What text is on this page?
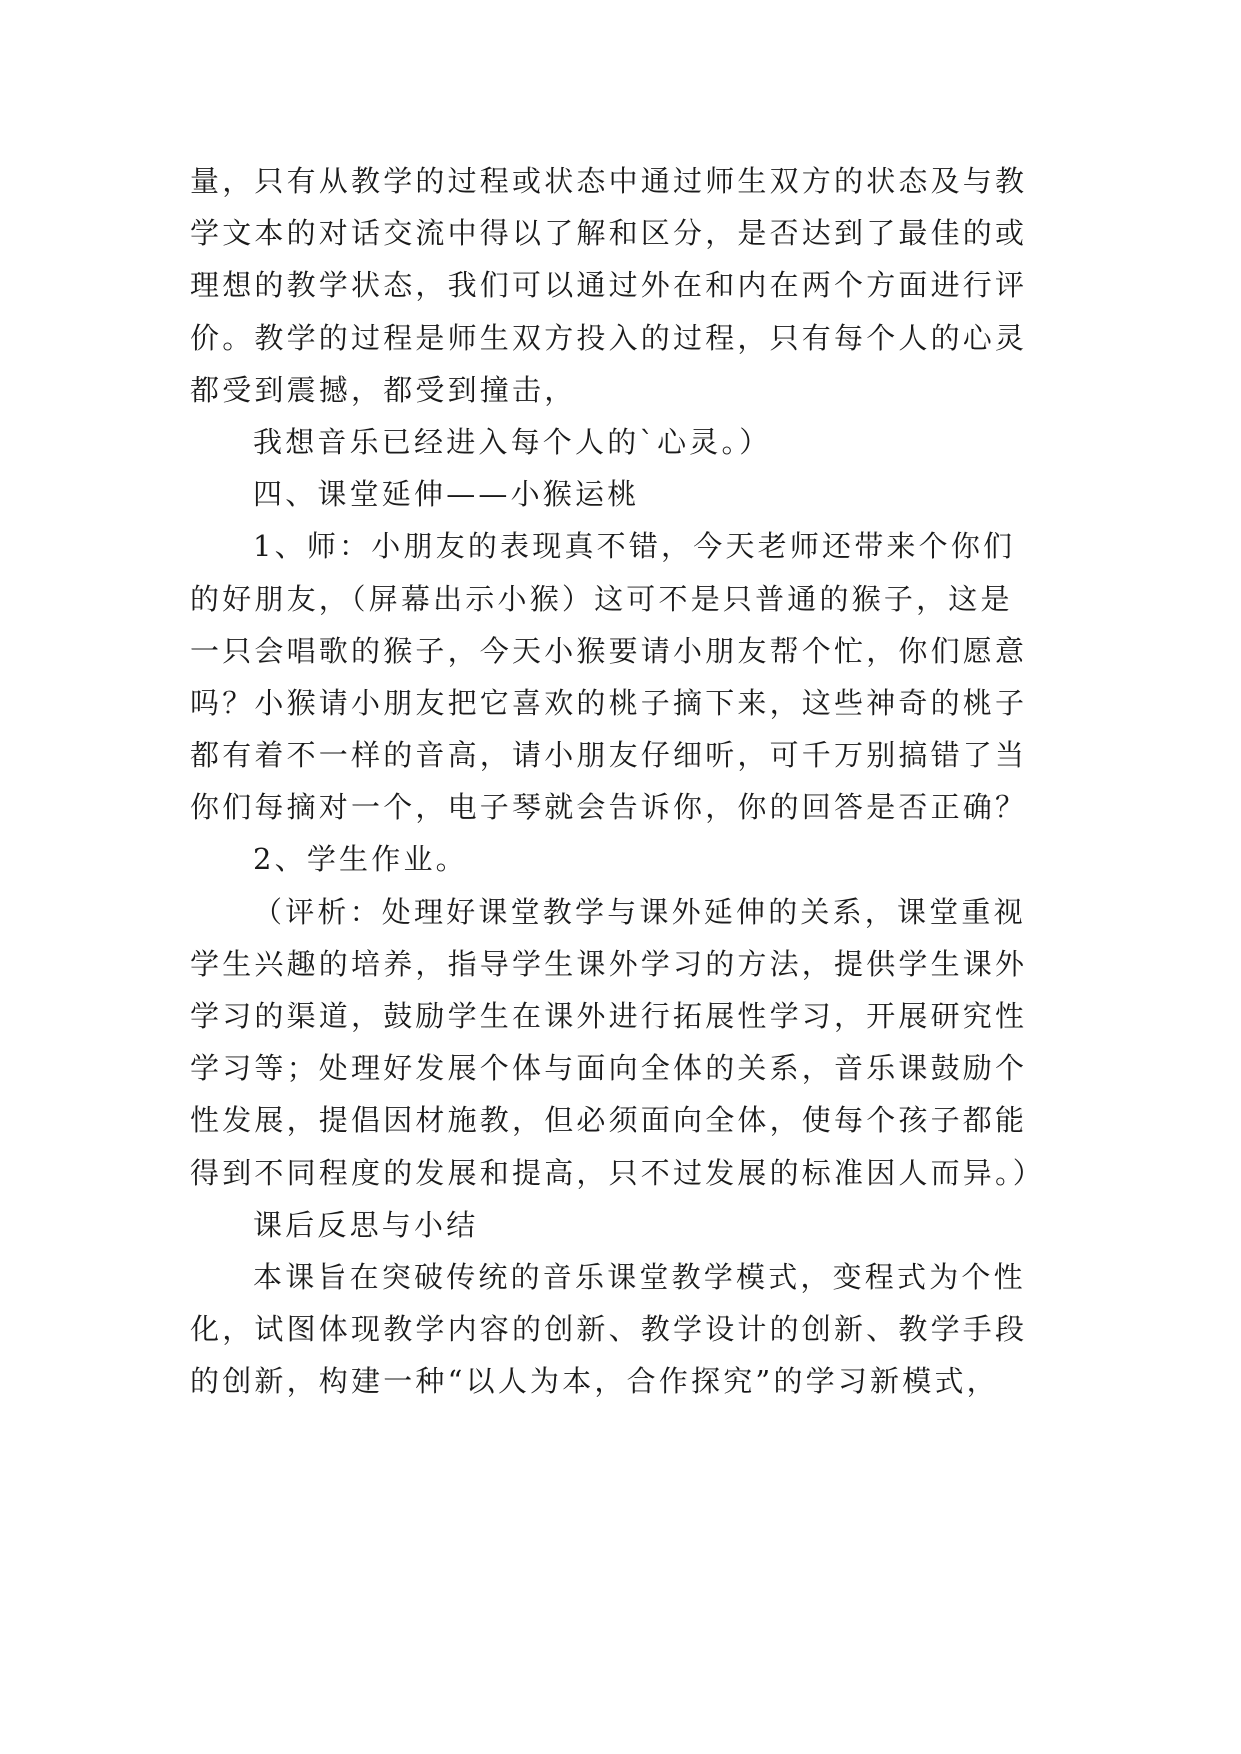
量，只有从教学的过程或状态中通过师生双方的状态及与教
学文本的对话交流中得以了解和区分，是否达到了最佳的或
理想的教学状态，我们可以通过外在和内在两个方面进行评
价。教学的过程是师生双方投入的过程，只有每个人的心灵
都受到震撼，都受到撞击，
我想音乐已经进入每个人的`心灵。）
四、课堂延伸——小猴运桃
1、师：小朋友的表现真不错，今天老师还带来个你们
的好朋友，（屏幕出示小猴）这可不是只普通的猴子，这是
一只会唱歌的猴子，今天小猴要请小朋友帮个忙，你们愿意
吗？小猴请小朋友把它喜欢的桃子摘下来，这些神奇的桃子
都有着不一样的音高，请小朋友仔细听，可千万别搞错了当
你们每摘对一个，电子琴就会告诉你，你的回答是否正确？
2、学生作业。
（评析：处理好课堂教学与课外延伸的关系，课堂重视
学生兴趣的培养，指导学生课外学习的方法，提供学生课外
学习的渠道，鼓励学生在课外进行拓展性学习，开展研究性
学习等；处理好发展个体与面向全体的关系，音乐课鼓励个
性发展，提倡因材施教，但必须面向全体，使每个孩子都能
得到不同程度的发展和提高，只不过发展的标准因人而异。）
课后反思与小结
本课旨在突破传统的音乐课堂教学模式，变程式为个性
化，试图体现教学内容的创新、教学设计的创新、教学手段
的创新，构建一种“以人为本，合作探究”的学习新模式，
